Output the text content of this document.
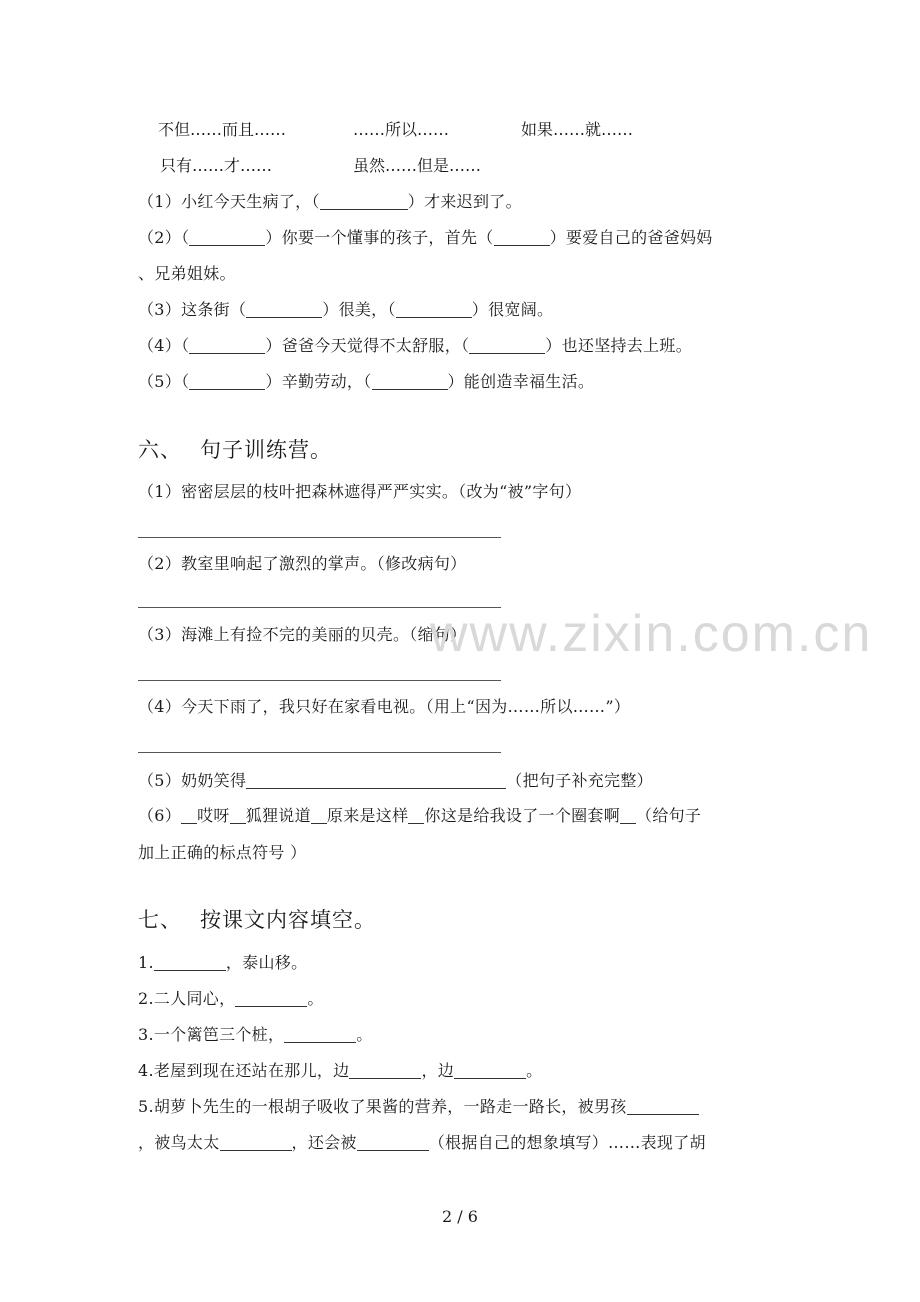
不但……而且……	……所以……	如果……就……
只有……才……	虽然……但是……
（1）小红今天生病了，（	）才来迟到了。
（2）（	）你要一个懂事的孩子，首先（	）要爱自己的爸爸妈妈
、兄弟姐妹。
（3）这条街（	）很美，（	）很宽阔。
（4）（	）爸爸今天觉得不太舒服，（	）也还坚持去上班。
（5）（	）辛勤劳动，（	）能创造幸福生活。
六、 句子训练营。
（1）密密层层的枝叶把森林遮得严严实实。（改为“被”字句）
（2）教室里响起了激烈的掌声。（修改病句）
（3）海滩上有捡不完的美丽的贝壳。（缩句）
（4）今天下雨了，我只好在家看电视。（用上“因为……所以……”）
（5）奶奶笑得	（把句子补充完整）
（6） 哎呀 狐狸说道 原来是这样 你这是给我设了一个圈套啊 （给句子
加上正确的标点符号 ）
七、 按课文内容填空。
1.	，泰山移。
2.二人同心，	。
3.一个篱笆三个桩，	。
4.老屋到现在还站在那儿，边	，边	。
5.胡萝卜先生的一根胡子吸收了果酱的营养，一路走一路长，被男孩
，被鸟太太	，还会被	（根据自己的想象填写）……表现了胡
www.zixin.com.cn
2 / 6
